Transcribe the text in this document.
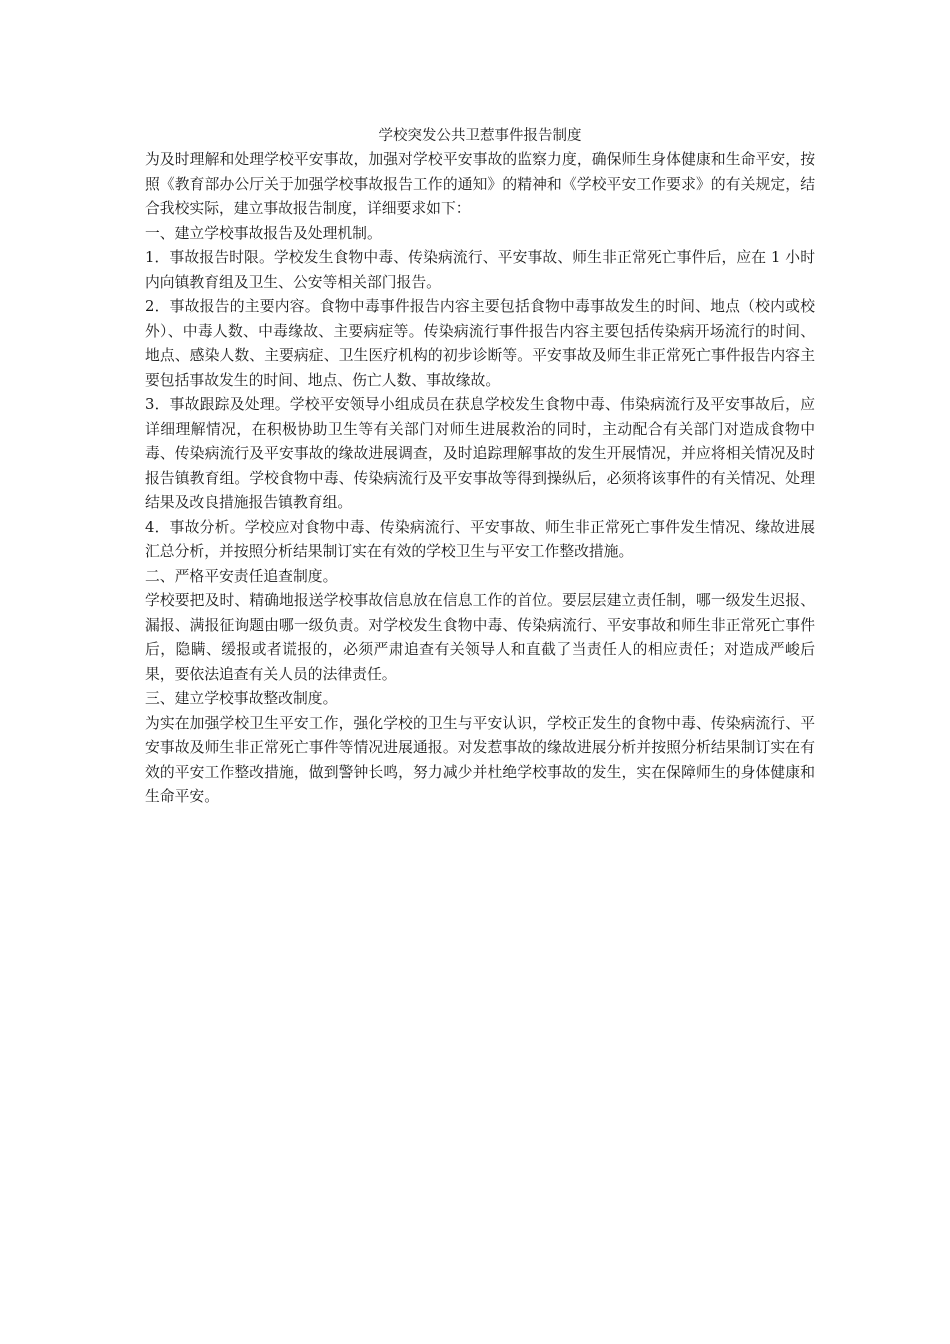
学校突发公共卫惹事件报告制度

为及时理解和处理学校平安事故，加强对学校平安事故的监察力度，确保师生身体健康和生命平安，按照《教育部办公厅关于加强学校事故报告工作的通知》的精神和《学校平安工作要求》的有关规定，结合我校实际，建立事故报告制度，详细要求如下：

一、建立学校事故报告及处理机制。

1．事故报告时限。学校发生食物中毒、传染病流行、平安事故、师生非正常死亡事件后，应在 1 小时内向镇教育组及卫生、公安等相关部门报告。

2．事故报告的主要内容。食物中毒事件报告内容主要包括食物中毒事故发生的时间、地点（校内或校外）、中毒人数、中毒缘故、主要病症等。传染病流行事件报告内容主要包括传染病开场流行的时间、地点、感染人数、主要病症、卫生医疗机构的初步诊断等。平安事故及师生非正常死亡事件报告内容主要包括事故发生的时间、地点、伤亡人数、事故缘故。

3．事故跟踪及处理。学校平安领导小组成员在获息学校发生食物中毒、伟染病流行及平安事故后，应详细理解情况，在积极协助卫生等有关部门对师生进展救治的同时，主动配合有关部门对造成食物中毒、传染病流行及平安事故的缘故进展调查，及时追踪理解事故的发生开展情况，并应将相关情况及时报告镇教育组。学校食物中毒、传染病流行及平安事故等得到操纵后，必须将该事件的有关情况、处理结果及改良措施报告镇教育组。

4．事故分析。学校应对食物中毒、传染病流行、平安事故、师生非正常死亡事件发生情况、缘故进展汇总分析，并按照分析结果制订实在有效的学校卫生与平安工作整改措施。

二、严格平安责任追查制度。

学校要把及时、精确地报送学校事故信息放在信息工作的首位。要层层建立责任制，哪一级发生迟报、漏报、满报征询题由哪一级负责。对学校发生食物中毒、传染病流行、平安事故和师生非正常死亡事件后，隐瞒、缓报或者谎报的，必须严肃追查有关领导人和直截了当责任人的相应责任；对造成严峻后果，要依法追查有关人员的法律责任。

三、建立学校事故整改制度。

为实在加强学校卫生平安工作，强化学校的卫生与平安认识，学校正发生的食物中毒、传染病流行、平安事故及师生非正常死亡事件等情况进展通报。对发惹事故的缘故进展分析并按照分析结果制订实在有效的平安工作整改措施，做到警钟长鸣，努力减少并杜绝学校事故的发生，实在保障师生的身体健康和生命平安。
